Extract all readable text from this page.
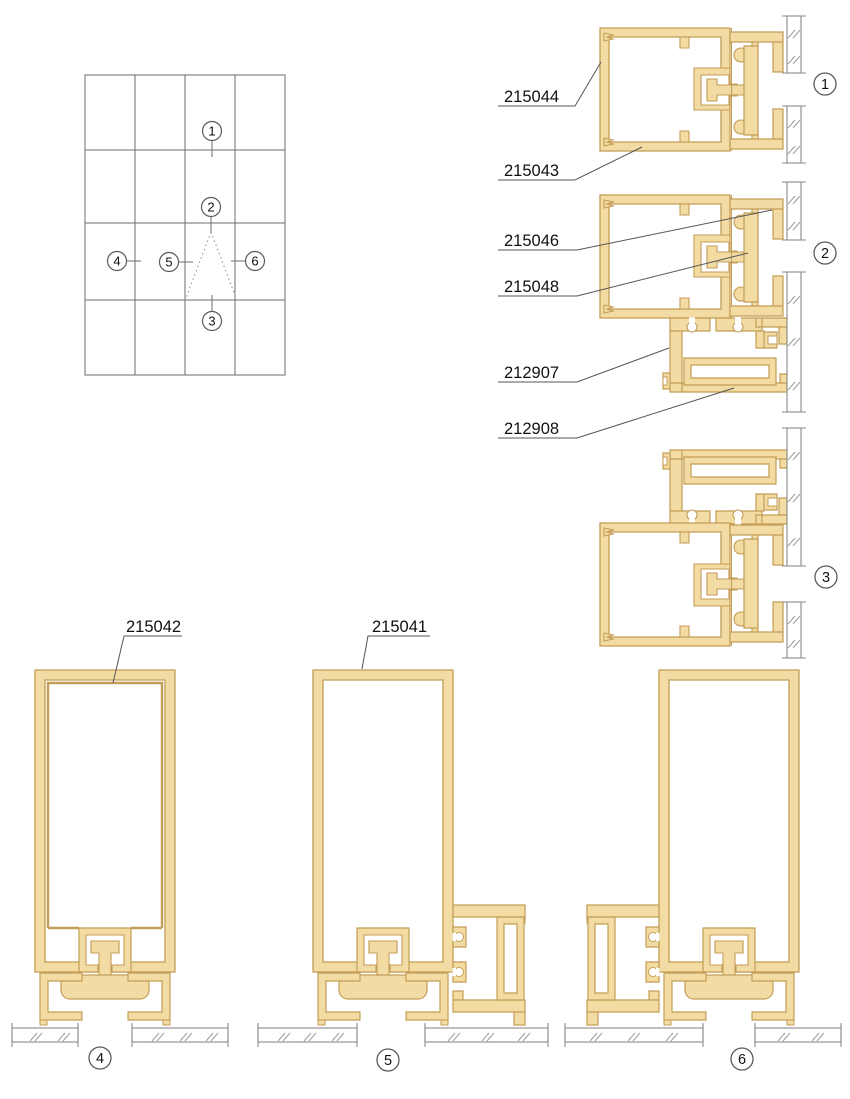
1
2
3
4	5	6
1
215044
215043
2
215046
215048
212907
212908
3
4
215042
5
215041
6
